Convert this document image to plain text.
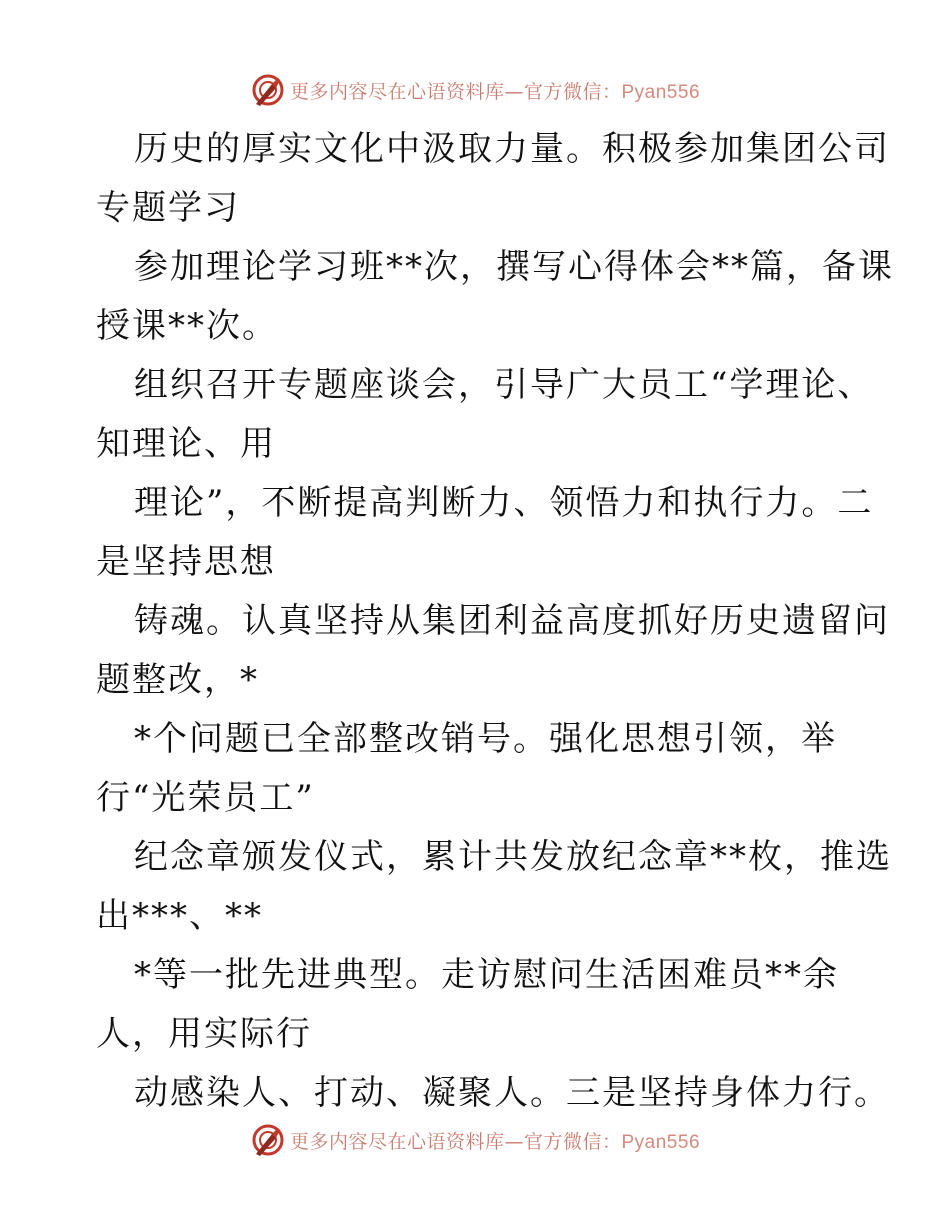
更多内容尽在心语资料库—官方微信：Pyan556
历史的厚实文化中汲取力量。积极参加集团公司
专题学习
参加理论学习班**次，撰写心得体会**篇，备课
授课**次。
组织召开专题座谈会，引导广大员工“学理论、
知理论、用
理论”，不断提高判断力、领悟力和执行力。二
是坚持思想
铸魂。认真坚持从集团利益高度抓好历史遗留问
题整改，*
*个问题已全部整改销号。强化思想引领，举
行“光荣员工”
纪念章颁发仪式，累计共发放纪念章**枚，推选
出***、**
*等一批先进典型。走访慰问生活困难员**余
人，用实际行
动感染人、打动、凝聚人。三是坚持身体力行。
更多内容尽在心语资料库—官方微信：Pyan556
